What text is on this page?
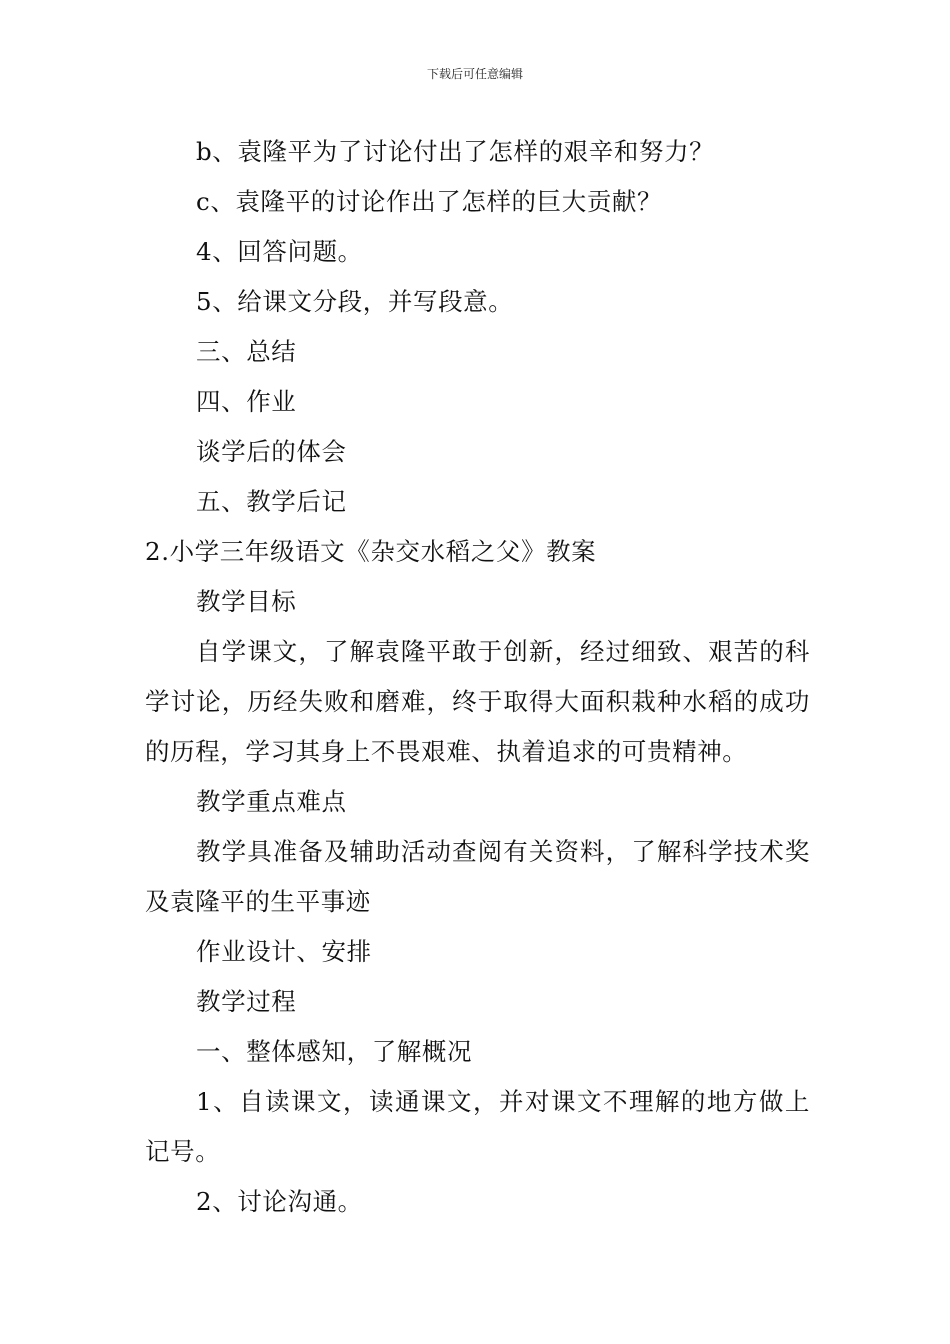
下载后可任意编辑

b、袁隆平为了讨论付出了怎样的艰辛和努力？

c、袁隆平的讨论作出了怎样的巨大贡献？

4、回答问题。

5、给课文分段，并写段意。

三、总结

四、作业

谈学后的体会

五、教学后记

2.小学三年级语文《杂交水稻之父》教案

教学目标

自学课文，了解袁隆平敢于创新，经过细致、艰苦的科学讨论，历经失败和磨难，终于取得大面积栽种水稻的成功的历程，学习其身上不畏艰难、执着追求的可贵精神。

教学重点难点

教学具准备及辅助活动查阅有关资料，了解科学技术奖及袁隆平的生平事迹

作业设计、安排

教学过程

一、整体感知，了解概况

1、自读课文，读通课文，并对课文不理解的地方做上记号。

2、讨论沟通。
